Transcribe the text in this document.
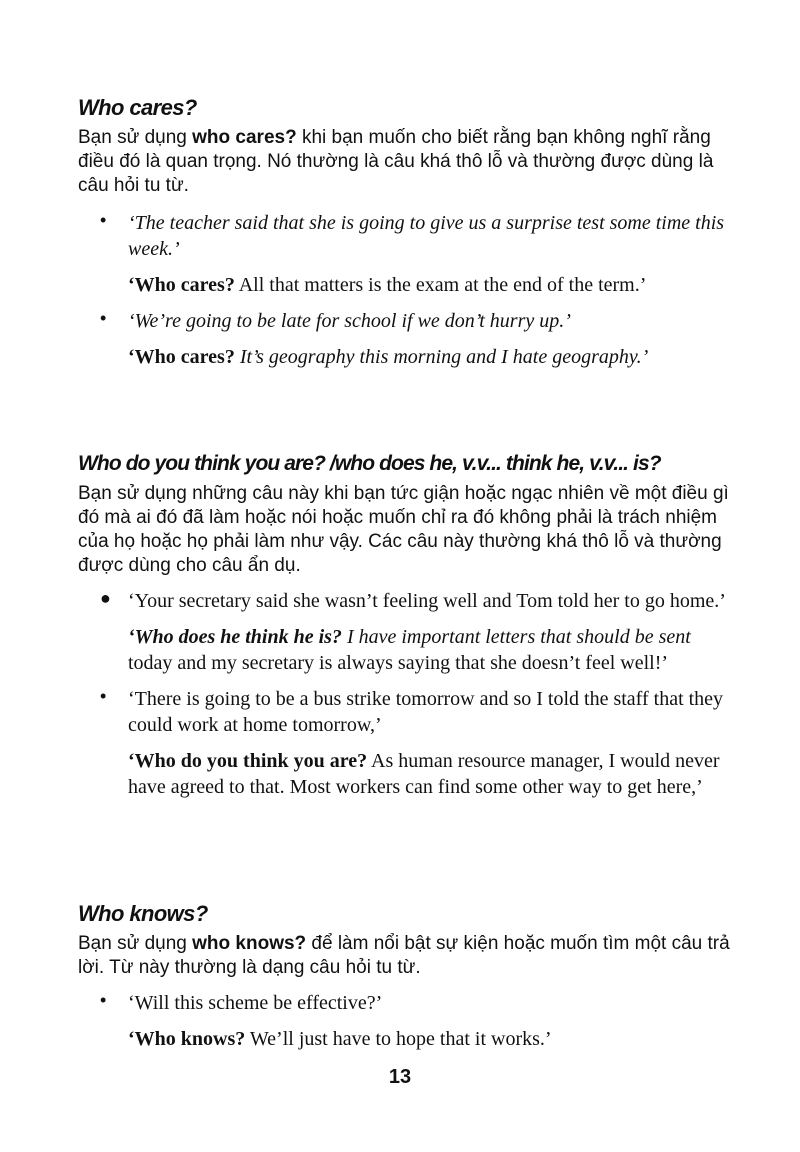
Who cares?

Bạn sử dụng who cares? khi bạn muốn cho biết rằng bạn không nghĩ rằng điều đó là quan trọng. Nó thường là câu khá thô lỗ và thường được dùng là câu hỏi tu từ.

• ‘The teacher said that she is going to give us a surprise test some time this week.’

‘Who cares? All that matters is the exam at the end of the term.’

• ‘We’re going to be late for school if we don’t hurry up.’

‘Who cares? It’s geography this morning and I hate geography.’

Who do you think you are? /who does he, v.v... think he, v.v... is?

Bạn sử dụng những câu này khi bạn tức giận hoặc ngạc nhiên về một điều gì đó mà ai đó đã làm hoặc nói hoặc muốn chỉ ra đó không phải là trách nhiệm của họ hoặc họ phải làm như vậy. Các câu này thường khá thô lỗ và thường được dùng cho câu ẩn dụ.

● ‘Your secretary said she wasn’t feeling well and Tom told her to go home.’

‘Who does he think he is? I have important letters that should be sent today and my secretary is always saying that she doesn’t feel well!’

• ‘There is going to be a bus strike tomorrow and so I told the staff that they could work at home tomorrow,’

‘Who do you think you are? As human resource manager, I would never have agreed to that. Most workers can find some other way to get here,’

Who knows?

Bạn sử dụng who knows? để làm nổi bật sự kiện hoặc muốn tìm một câu trả lời. Từ này thường là dạng câu hỏi tu từ.

• ‘Will this scheme be effective?’

‘Who knows? We’ll just have to hope that it works.’

13
